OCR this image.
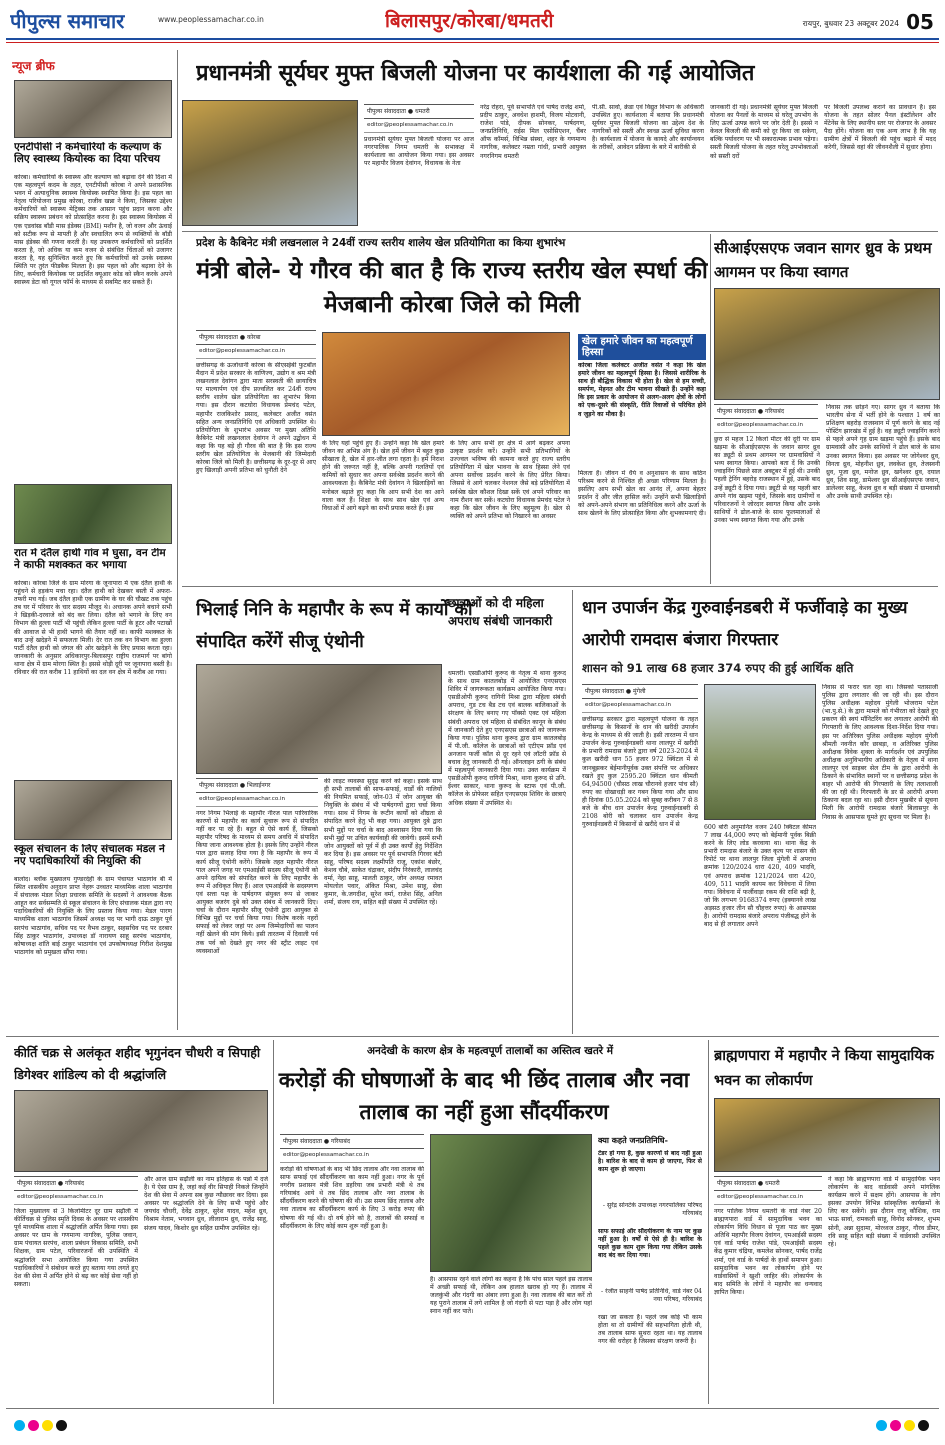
पीपुल्स समाचार	www.peoplessamachar.co.in	बिलासपुर/कोरबा/धमतरी	रायपुर, बुधवार 23 अक्टूबर 2024 05
न्यूज ब्रीफ
एनटीपीसी ने कर्मचारियों के कल्याण के लिए स्वास्थ्य कियोस्क का दिया परिचय
कोरबा। कर्मचारियों के स्वास्थ्य और कल्याण को बढ़ावा देने की दिशा में एक महत्वपूर्ण कदम के तहत, एनटीपीसी कोरबा ने अपने प्रशासनिक भवन में अत्याधुनिक स्वास्थ्य कियोस्क स्थापित किया है। इस पहल का नेतृत्व परियोजना प्रमुख कोरबा, राजीव खन्ना ने किया, जिसका उद्देश्य कर्मचारियों को स्वास्थ्य मेट्रिक्स तक आसान पहुंच प्रदान करना और सक्रिय स्वास्थ्य प्रबंधन को प्रोत्साहित करना है। इस स्वास्थ्य कियोस्क में एक एडवांस्ड बॉडी मास इंडेक्स (BMI) मशीन है, जो वजन और ऊंचाई को सटीक रूप से मापती है और स्वचालित रूप से व्यक्तियों के बॉडी मास इंडेक्स की गणना करती है। यह उपकरण कर्मचारियों को प्रदर्शित करता है, जो अधिक या कम वजन से संबंधित चिंताओं को उजागर करता है, यह सुनिश्चित करते हुए कि कर्मचारियों को उनके स्वास्थ्य स्थिति पर तुरंत फीडबैक मिलता है। इस पहल को और बढ़ावा देने के लिए, कर्मचारी कियोस्क पर प्रदर्शित क्यूआर कोड को स्कैन करके अपने स्वास्थ्य डेटा को गूगल फॉर्म के माध्यम से सबमिट कर सकते हैं।
रात में दंतैल हाथी गांव में घुसा, वन टीम ने काफी मशक्कत कर भगाया
कोरबा। कोरबा जिले के ग्राम मोरगा के जूनापारा में एक दंतैल हाथी के पहुंचने से हड़कंप मचा रहा। दंतैल हाथी को देखकर बस्ती में अफरा-तफरी मच गई। जब दंतैल हाथी एक ग्रामीण के घर की चौखट तक पहुंच तब घर में परिवार के चार सदस्य मौजूद थे। अचानक अपने बचाने सभी ने खिड़की-दरवाजे को बंद कर लिया। दंतैल को भगाने के लिए वन विभाग की हुल्ला पार्टी भी पहुंची लेकिन हुल्ला पार्टी के हूटर और पटाखों की आवाज से भी हाथी भागने की तैयार नहीं था। काफी मशक्कत के बाद उन्हें खदेड़ने में सफलता मिली। देर रात तक वन विभाग का हुल्ला पार्टी दंतैल हाथी को जंगल की ओर खदेड़ने के लिए प्रयास करता रहा। जानकारी के अनुसार अधिकारपुर-बिलासपुर राष्ट्रीय राजमार्ग पर बांगो थाना क्षेत्र में ग्राम मोरगा स्थित है। इससे थोड़ी दूरी पर जूनापारा बस्ती है। रविवार की रात करीब 11 हाथियों का दल वन क्षेत्र में करीब आ गया।
स्कूल संचालन के लिए संचालक मंडल ने नए पदाधिकारियों की नियुक्ति की
बालोद। ब्लॉक मुख्यालय गुण्डरदेही के ग्राम पंचायत भाठागांव बी में स्थित शासकीय अनुदान प्राप्त नेहरू उच्चतर माध्यमिक शाला भाठागांव में संचालक मंडल शिक्षा प्रचारक समिति के सदस्यों ने आवश्यक बैठक आहूत कर सर्वसम्मति से स्कूल संचालन के लिए संचालक मंडल द्वारा नए पदाधिकारियों की नियुक्ति के लिए प्रस्ताव किया गया। मेडल पारण माध्यमिक शाला भाठागांव जिसमें अध्यक्ष पद पर भागी दाऊ ठाकुर पूर्व सरपंच भाठागांव, सचिव पद पर वैभव ठाकुर, सहसचिव पद पर दरबार सिंह ठाकुर भाठागांव, उपाध्यक्ष डॉ नारायण साहू सरपंच भाठागांव, कोषाध्यक्ष शांति बाई ठाकुर भाठागांव एवं उपकोषाध्यक्ष गिरीश देशमुख भाठागांव को प्रमुखता सौंपा गया।
प्रधानमंत्री सूर्यघर मुफ्त बिजली योजना पर कार्यशाला की गई आयोजित
पीपुल्स संवाददाता ● धमतरी
editor@peoplessamachar.co.in
प्रधानमंत्री सूर्यघर मुफ्त बिजली योजना पर आज नगरपालिक निगम धमतरी के सभाकक्ष में कार्यशाला का आयोजन किया गया। इस अवसर पर महापौर विजय देवांगन, विधायक के नेता
नरेंद्र रोहरा, पूर्व सभापति एवं पार्षद राजेंद्र शर्मा, प्रदीप ठाकुर, अवधेश हाशमी, विजय मोटवानी, राजेश पांडे, दीपक सोनकर, पार्षदगण, जनप्रतिनिधि, राईस मिल एसोसिएशन, चैंबर ऑफ कॉमर्स, विभिन्न संस्था, शहर के गणमान्य नागरिक, कलेक्टर नम्रता गांधी, प्रभारी आयुक्त नगरनिगम धमतरी
पी.सी. सार्वा, क्रेडा एवं विद्युत विभाग के अधिकारी उपस्थित हुए। कार्यशाला में बताया कि प्रधानमंत्री सूर्यघर मुफ्त बिजली योजना का उद्देश्य देश के नागरिकों को सस्ती और स्वच्छ ऊर्जा सुविधा करना है। कार्यशाला में योजना के कायदे और कार्यान्वयन के तरीकों, आवेदन प्रक्रिया के बारे में बारीकी से
जानकारी दी गई। प्रधानमंत्री सूर्यघर मुफ्त बिजली योजना का पैनलों के माध्यम से घरेलू उपभोग के लिए ऊर्जा उत्पन्न करने पर जोर देती है। इससे न केवल बिजली की कमी को दूर किया जा सकेगा, बल्कि पर्यावरण पर भी सकारात्मक प्रभाव पड़ेगा। सस्ती बिजली योजना के तहत घरेलू उपभोक्ताओं को सस्ती दरों
पर बिजली उपलब्ध कराने का प्रावधान है। इस योजना के तहत सोलर पैनल इंस्टॉलेशन और मेंटेनेंस के लिए स्थानीय स्तर पर रोजगार के अवसर पैदा होंगे। योजना का एक अन्य लाभ है कि यह ग्रामीण क्षेत्रों में बिजली की पहुंच बढ़ाने में मदद करेगी, जिससे वहां की जीवनशैली में सुधार होगा।
प्रदेश के कैबिनेट मंत्री लखनलाल ने 24वीं राज्य स्तरीय शालेय खेल प्रतियोगिता का किया शुभारंभ
मंत्री बोले- ये गौरव की बात है कि राज्य स्तरीय खेल स्पर्धा की मेजबानी कोरबा जिले को मिली
पीपुल्स संवाददाता ● कोरबा
editor@peoplessamachar.co.in
छत्तीसगढ़ के ऊर्जाधानी कोरबा के सीएसईबी फुटबॉल मैदान में प्रदेश सरकार के वाणिज्य, उद्योग व श्रम मंत्री लखनलाल देवांगन द्वारा माता सरस्वती की छायाचित्र पर माल्यार्पण एवं दीप प्रज्वलित कर 24वीं राज्य स्तरीय शालेय खेल प्रतियोगिता का शुभारंभ किया गया। इस दौरान कटघोरा विधायक प्रेमचंद पटेल, महापौर राजकिशोर प्रसाद, कलेक्टर अजीत वसंत सहित अन्य जनप्रतिनिधि एवं अधिकारी उपस्थित थे। प्रतियोगिता के शुभारंभ अवसर पर मुख्य अतिथि कैबिनेट मंत्री लखनलाल देवांगन ने अपने उद्बोधन में कहा कि यह बड़े ही गौरव की बात है कि इस राज्य स्तरीय खेल प्रतियोगिता के मेजबानी की जिम्मेदारी कोरबा जिले को मिली है। छत्तीसगढ़ के दूर-दूर से आए हुए खिलाड़ी अपनी प्रतिभा को चुनौती देने
के लिए यहां पहुंचे हुए हैं। उन्होंने कहा कि खेल हमारे जीवन का अभिन्न अंग है। खेल हमें जीवन में बहुत कुछ सीखाता है, खेल में हार-जीत लगा रहता है। हमें निराश होने की जरूरत नहीं है, बल्कि अपनी गलतियों एवं कमियों को सुधार कर अपना सर्वश्रेष्ठ प्रदर्शन करने की आवश्यकता है। कैबिनेट मंत्री देवांगन ने खिलाड़ियों का मनोबल बढ़ाते हुए कहा कि आप सभी देश का आने वाला कल हैं। शिक्षा के साथ साथ खेल एवं अन्य विधाओं में आगे बढ़ने का सभी प्रयास करते हैं। इस
के लिए आप सभी हर क्षेत्र में आगे बढ़कर अपना उत्कृष्ट प्रदर्शन करें। उन्होंने सभी प्रतिभागियों के उज्ज्वल भविष्य की कामना करते हुए राज्य स्तरीय प्रतियोगिता में खेल भावना के साथ हिस्सा लेने एवं अपना सर्वोच्च प्रदर्शन करने के लिए प्रेरित किया। जिससे वे आगे चलकर नेशनल जैसे बड़े प्रतियोगिता में सर्वश्रेष्ठ खेल कौशल दिखा सकें एवं अपने परिवार का नाम रौशन कर सकें। कटघोरा विधायक प्रेमचंद पटेल ने कहा कि खेल जीवन के लिए बहुमूल्य है। खेल से व्यक्ति को अपने प्रतिभा को निखारने का अवसर
खेल हमारे जीवन का महत्वपूर्ण हिस्सा
कोरबा जिला कलेक्टर अजीत वसंत ने कहा कि खेल हमारे जीवन का महत्वपूर्ण हिस्सा है। जिससे शारीरिक के साथ ही बौद्धिक विकास भी होता है। खेल से हम सच्ची, समर्पण, मेहनत और टीम भावना सीखते हैं। उन्होंने कहा कि इस प्रकार के आयोजन से अलग-अलग क्षेत्रों के लोगों को एक-दूसरे की संस्कृति, रीति रिवाजों से परिचित होने व जुड़ने का मौका है।
मिलता है। जीवन में धैर्य व अनुशासन के साथ कठिन परिश्रम करने से निश्चित ही अच्छा परिणाम मिलता है। इसलिए आप सभी खेल का आनंद लें, अपना बेहतर प्रदर्शन दें और जीत हासिल करें। उन्होंने सभी खिलाड़ियों को अपने-अपने संभाग का प्रतिनिधित्व करने और ऊर्जा के साथ खेलने के लिए प्रोत्साहित किया और शुभकामनाएं दी।
सीआईएसएफ जवान सागर ध्रुव के प्रथम आगमन पर किया स्वागत
पीपुल्स संवाददाता ● गरियाबंद
editor@peoplessamachar.co.in
छुरा से महज 12 किलो मीटर की दूरी पर ग्राम खड़मा के सीआईएसएफ के जवान सागर ध्रुव का ड्यूटी से प्रथम आगमन पर ग्रामवासियों ने भव्य स्वागत किया। आपको बता दें कि उनकी ज्वाइनिंग पिछले साल अक्टूबर में हुई थी। उनकी पहली ट्रेनिंग बहरोड़ राजस्थान में हुई, उसके बाद उन्हें ड्यूटी दे दिया गया। ड्यूटी से वह पहली बार अपने गांव खड़मा पहुंचे, जिसके बाद ग्रामीणों व परिवारजनों ने जोरदार स्वागत किया और उनके साथियों ने ढोल-बाजे के साथ फूलमालाओं से उनका भव्य स्वागत किया गया और उनके
निवास तक छोड़ने गए। सागर ध्रुव ने बताया कि भारतीय सेना में भर्ती होने के पश्चात 1 वर्ष का प्रशिक्षण बहरोड़ राजस्थान में पूर्ण करने के बाद नई पोस्टिंग झारखंड में हुई है। वह ड्यूटी ज्वाइनिंग करने से पहले अपने गृह ग्राम खड़मा पहुंचे हैं। इसके बाद ग्रामवासी और उनके साथियों ने ढोल बाजे के साथ उनका स्वागत किया। इस अवसर पर जोगेश्वर ध्रुव, विनता ध्रुव, मोहनीश ध्रुव, लवकेश ध्रुव, तेजस्वनी ध्रुव, पूजा ध्रुव, मनोज ध्रुव, खगेश्वर ध्रुव, दयाल ध्रुव, शिव साहू, डामेश्वर ध्रुव सीआईएसएफ जवान, डालेश्वर साहू, केशव ध्रुव व बड़ी संख्या में ग्रामवासी और उनके साथी उपस्थित रहे।
भिलाई निनि के महापौर के रूप में कार्यों को संपादित करेंगें सीजू एंथोनी
पीपुल्स संवाददाता ● भिलाईनगर
editor@peoplessamachar.co.in
नगर निगम भिलाई के महापौर नीरज पाल पारिवारिक कारणों से महापौर का कार्य सुचारू रूप से संपादित नहीं कर पा रहे हैं। बहुत से ऐसे कार्य हैं, जिसको महापौर परिषद के माध्यम से समय अवधि में संपादित किया जाना आवश्यक होता है। इसके लिए उन्होंने नीरज पाल द्वारा सलाह दिया गया है कि महापौर के रूप में कार्य सीजू एंथोनी करेंगे। जिसके तहत महापौर नीरज पाल अपने जगह पर एमआईसी सदस्य सीजू एंथोनी को अपने दायित्व को संपादित करने के लिए महापौर के रूप में अधिकृत किए हैं। आज एमआईसी के सदस्यगण एवं सत्ता पक्ष के पार्षदगण संयुक्त रूप से जाकर आयुक्त बजरंग दुबे को उक्त संबंध में जानकारी दिए। चर्चा के दौरान महापौर सीजू एंथोनी द्वारा आयुक्त से विभिन्न मुद्दों पर चर्चा किया गया। विशेष करके नहरों सफाई को लेकर जहां पर अन्य जिम्मेदारियों का पालन नहीं खेलने की मांग किये। इसी तारतम्य में दिवाली पर्व तक पर्व को देखते हुए नगर की स्ट्रीट लाइट एवं व्यवस्थाओं
की लाइट व्यवस्था सुदृढ़ करने को कहा। इसके साथ ही सभी तालाबों की साफ-सफाई, वार्डों की नालियों की नियमित सफाई, जोन-03 में जोन आयुक्त की नियुक्ति के संबंध में भी पार्षदगणों द्वारा चर्चा किया गया। साथ में निगम के रूटीन कार्यों को शीघ्रता से संपादित करने हेतु भी कहा गया। आयुक्त दुबे द्वारा सभी मुद्दों पर चर्चा के बाद आश्वासन दिया गया कि सभी मुद्दों पर उचित कार्यवाही की जावेगी। इसमें सभी जोन आयुक्तों को पूर्व में ही उक्त कार्यों हेतु निर्देशित कर दिया है। इस अवसर पर पूर्व सभापति गिरवर बंटी साहू, परिषद सदस्य लक्ष्मीपति राजू, एकांश बंछोर, केशव चौबे, साकेत चंद्राकर, संदीप निरंकारी, लालचंद वर्मा, नेहा साहू, मालती ठाकुर, जोन अध्यक्ष रमावत मोयलोल पवार, अंकित मिश्रा, उमेश साहू, सेवा कुमार, के.जगदीश, सुरेश वर्मा, राजेश सिंह, अनिल शर्मा, संजय राय, सहित बड़ी संख्या में उपस्थित रहे।
छात्राओं को दी महिला अपराध संबंधी जानकारी
धमतरी। एसडीओपी कुरूद के नेतृत्व में थाना कुरूद के साथ ग्राम कातलबोड़ में आयोजित एनएसएस शिविर में जागरूकता कार्यक्रम आयोजित किया गया। एसडीओपी कुरूद रागिनी मिश्रा द्वारा महिला संबंधी अपराध, गुड टच बैड टच एवं बालक बालिकाओं के संरक्षण के लिए बनाए गए पॉक्सो एक्ट एवं महिला संबंधी अपराध एवं महिला से संबंधित कानून के संबंध में जानकारी देते हुए एनएसएस छात्राओं को जागरूक किया गया। पुलिस थाना कुरूद द्वारा ग्राम कातलबोड़ में पी.जी. कॉलेज के छात्राओं को एटीएम फ्रॉड एवं अनजान फर्जी कॉल से दूर रहने एवं लॉटरी फ्रॉड से बचाव हेतु जानकारी दी गई। ऑनलाइन ठगी के संबंध में महत्वपूर्ण जानकारी दिया गया। उक्त कार्यक्रम में एसडीओपी कुरूद रागिनी मिश्रा, थाना कुरूद से उनि. ईश्वर साकार, थाना कुरूद के स्टाफ एवं पी.जी. कॉलेज के प्रोफेसर सहित एनएसएस शिविर के छात्राएं अधिक संख्या में उपस्थित थे।
धान उपार्जन केंद्र गुरुवाईनडबरी में फर्जीवाड़े का मुख्य आरोपी रामदास बंजारा गिरफ्तार
शासन को 91 लाख 68 हजार 374 रुपए की हुई आर्थिक क्षति
पीपुल्स संवाददाता ● मुंगेली
editor@peoplessamachar.co.in
छत्तीसगढ़ सरकार द्वारा महत्वपूर्ण योजना के तहत छत्तीसगढ़ के किसानों के धान की खरीदी उपार्जन केन्द्र के माध्यम से की जाती है। इसी तारतम्य में धान उपार्जन केन्द्र गुरुवाईनडबरी थाना लालपुर में खरीदी के प्रभारी रामदास बंजारे द्वारा वर्ष 2023-2024 में कुल खरीदी धान 55 हजार 972 क्विंटल में से जानबूझकर बेईमानीपूर्वक उक्त संपत्ति पर अधिकार रखते हुए कुल 2595.20 क्विंटल धान कीमती 64,94500 (चौसठ लाख चौरानवे हजार पांच सौ) रुपए का धोखाधड़ी कर गबन किया गया और साथ ही दिनांक 05.05.2024 को सुबह करीबन 7 से 8 बजे के बीच धान उपार्जन केन्द्र गुरुवाईनडबरी से 2108 बोरी को चलाकर धान उपार्जन केन्द्र गुरुवाईनडबरी में किसानों से खरीदे धान में से	600 बोरी अनुमानित वजन 240 क्विंटल कीमत 7 लाख 44,000 रुपए को बेईमानी पूर्वक बिक्री करने के लिए लोड करवाया था। थाना केंद्र के प्रभारी रामदास बंजारे के उक्त कृत्य पर शासन की रिपोर्ट पर थाना लालपुर जिला मुंगेली में अपराध क्रमांक 120/2024 धारा 420, 409 भादवि, एवं अपराध क्रमांक 121/2024 धारा 420, 409, 511 भादवि कायम कर विवेचना में लिया गया। विवेचना में फर्जीवाड़ा रकम की राशि बढ़ी है, जो कि लगभग 9168374 रुपए (इक्यानवे लाख अड़सठ हजार तीन सौ चौहत्तर रुपए) के आसपास है। आरोपी रामदास बंजारे अपराध पंजीबद्ध होने के बाद से ही लगातार अपने
निवास से फरार चल रहा था। जिसको पतासाजी पुलिस द्वारा लगातार की जा रही थी। इस दौरान पुलिस अधीक्षक महोदय मुंगेली भोजराम पटेल (भा.पु.से.) के द्वारा मामले को गंभीरता को देखते हुए प्रकरण की स्वयं मॉनिटरिंग कर लगातार आरोपी की गिरफ्तारी के लिए आवश्यक दिशा-निर्देश दिया गया। इस पर अतिरिक्त पुलिस अधीक्षक महोदय मुंगेली श्रीमती नवनीत कौर छाबड़ा, व अतिरिक्त पुलिस अधीक्षक विवेक शुक्ला के मार्गदर्शन एवं उपपुलिस अधीक्षक अनुविभागीय अधिकारी के नेतृत्व में थाना लालपुर एवं साइबर सेल टीम के द्वारा आरोपी के ठिकाने के संभावित स्थानों पर व छत्तीसगढ़ प्रदेश के बाहर भी आरोपी की गिरफ्तारी के लिए तलाशाजी की जा रही थी। गिरफ्तारी के डर से आरोपी अपना ठिकाना बदल रहा था। इसी दौरान मुखबीर से सूचना मिली कि आरोपी रामदास बंजारे बिलासपुर के निवास के आसपास घूमते हुए सूचना पर मिला है।
कीर्ति चक्र से अलंकृत शहीद भृगुनंदन चौधरी व सिपाही डिगेश्वर शांडिल्य को दी श्रद्धांजलि
पीपुल्स संवाददाता ● गरियाबंद
editor@peoplessamachar.co.in
जिला मुख्यालय से 3 किलोमीटर दूर ग्राम सढ़ौली में कीर्तिचक्र से पुलिस स्मृति दिवस के अवसर पर शासकीय पूर्व माध्यमिक शाला में श्रद्धांजलि अर्पित किया गया। इस अवसर पर ग्राम के गणमान्य नागरिक, पुलिस जवान, ग्राम पंचायत सरपंच, शाला प्रबंधन विकास समिति, सभी शिक्षक, ग्राम पटेल, परिवारजनों की उपस्थिति में श्रद्धांजलि सभा आयोजित किया गया उपस्थित पदाधिकारियों ने संबोधन करते हुए बताया गया लगते हुए देश की सेवा में अर्पित होने से बढ़ कर कोई सेवा नहीं हो सकता।
और आज ग्राम सढ़ौली का नाम इतिहास के पन्नों में दर्ज है। ये ऐसा ग्राम है, जहां कई वीर सिपाही निकले जिन्होंने देश की सेवा में अपना सब कुछ न्यौछावर कर दिया। इस अवसर पर श्रद्धांजलि देने के लिए सभी पहुंचे और जयचंद चौधरी, देवेंद्र ठाकुर, सुरेश यादव, महेश ध्रुव, विश्राम नेताम, भगवान ध्रुव, लीलाराम ध्रुव, राजेंद्र साहू, संजय यादव, किशोर ध्रुव सहित ग्रामीण उपस्थित रहे।
अनदेखी के कारण क्षेत्र के महत्वपूर्ण तालाबों का अस्तित्व खतरे में
करोड़ों की घोषणाओं के बाद भी छिंद तालाब और नवा तालाब का नहीं हुआ सौंदर्यीकरण
पीपुल्स संवाददाता ● गरियाबंद
editor@peoplessamachar.co.in
करोड़ों की घोषणाओं के बाद भी छिंद तालाब और नवा तालाब की साफ सफाई एवं सौंदर्यीकरण का काम नहीं हुआ। नगर के पूर्व नगरीय प्रशासन मंत्री शिव डहरिया जब प्रभारी मंत्री थे तब गरियाबंद आये थे तब छिंद तालाब और नवा तालाब के सौंदर्यीकरण करने की घोषणा की थी। उस समय छिंद तालाब और नवा तालाब का सौंदर्यीकरण कार्य के लिए 3 करोड़ रुपए की घोषणा की गई थी। दो वर्ष होने को है, तालाबों की सफाई व सौंदर्यीकरण के लिए कोई काम शुरू नहीं हुआ है।
है। आसपास रहने वाले लोगों का कहना है कि पांच साल पहले इस तालाब में अच्छी सफाई थी, लेकिन अब हालात खराब हो गए हैं। तालाब में जलकुंभी और गंदगी का अंबार लगा हुआ है। नवा तालाब की बात करें तो यह पुराने तालाब में लगे शामिल है जो गंदगी से पटा पड़ा है और लोग यहां स्नान नहीं कर पाते।
क्या कहते जनप्रतिनिधि-
टेंडर हो गया है, कुछ कारणों से बाद नहीं हुआ है। बारिश के बाद से काम हो जाएगा, फिर से काम शुरू हो जाएगा।
- सुरेंद्र सोनटेके उपाध्यक्ष नगरपालिका परिषद गरियाबंद
साफ सफाई और सौंदर्यीकरण के नाम पर कुछ नहीं हुआ है। वर्षों से ऐसे ही है। बारिश के पहले कुछ काम शुरू किया गया लेकिन उसके बाद बंद कर दिया गया।
- रंजीत साहनी पार्षद प्रतिनिधि, वार्ड नंबर 04 नया परिषद, गरियाबंद
रखा जा सकता है। पहले जब कोई भी काम होता था तो ग्रामीणों की सहभागिता होती थी, तब तालाब साफ सुथरा रहता था। यह तालाब नगर की धरोहर है जिसका संरक्षण जरूरी है।
ब्राह्मणपारा में महापौर ने किया सामुदायिक भवन का लोकार्पण
पीपुल्स संवाददाता ● धमतरी
editor@peoplessamachar.co.in
नगर पालिक निगम धमतरी के वार्ड नंबर 20 ब्राह्मणपारा वार्ड में सामुदायिक भवन का लोकार्पण विधि विधान से पूजा पाठ कर मुख्य अतिथि महापौर विजय देवांगन, एमआईसी सदस्य एवं वार्ड पार्षद राजेश पांडे, एमआईसी सदस्य केंद्र कुमार चंद्रिया, कमलेश सोनकर, पार्षद राजेंद्र शर्मा, एवं वार्ड के पार्षदों के हाथों समापन हुआ। सामुदायिक भवन का लोकार्पण होने पर वार्डवासियों ने खुशी जाहिर की। लोकार्पण के बाद समिति के लोगों ने महापौर का धन्यवाद ज्ञापित किया।
ने कहा कि ब्राह्मणपारा वार्ड में सामुदायिक भवन लोकार्पण के बाद वार्डवासी अपने मांगलिक कार्यक्रम करने में सक्षम होंगे। आसपास के लोग इसका उपयोग विभिन्न सांस्कृतिक कार्यक्रमों के लिए कर सकेंगे। इस दौरान राजू कौशिक, राम भाऊ सार्वा, रामकली साहू, विनोद सोनकर, शुभम सोनी, अन्ना सुदामा, मोरध्वज ठाकुर, गौरव डीमर, रवि साहू सहित बड़ी संख्या में वार्डवासी उपस्थित रहे।
